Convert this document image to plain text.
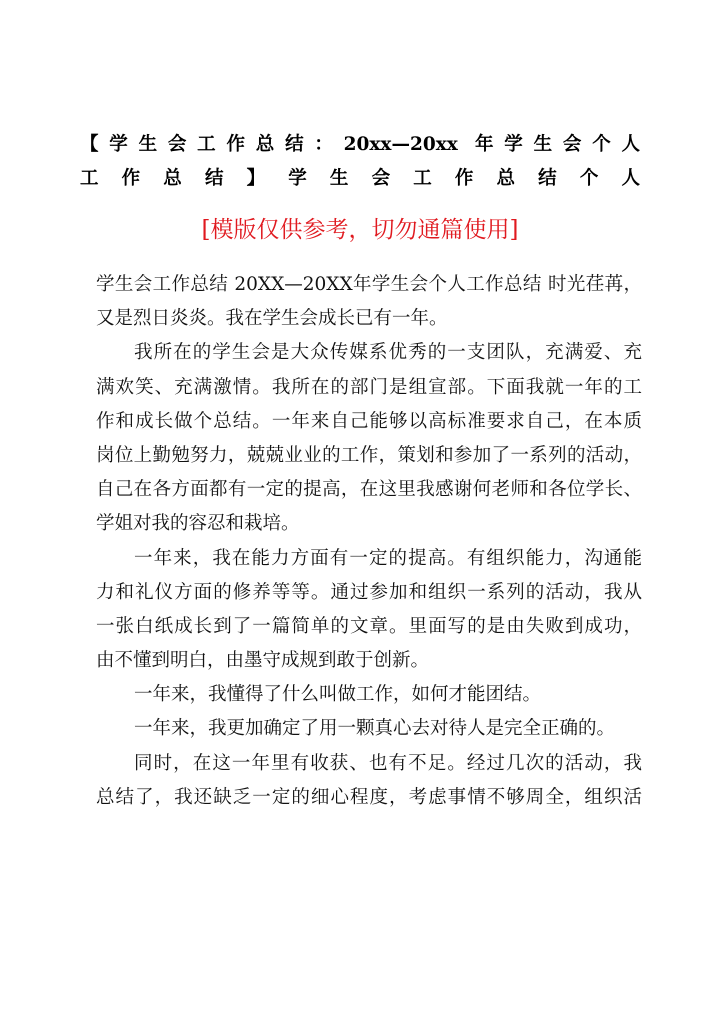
【学生会工作总结：20xx—20xx 年学生会个人
工作总结】学生会工作总结个人
[模版仅供参考，切勿通篇使用]
学生会工作总结 20XX—20XX年学生会个人工作总结 时光荏苒，
又是烈日炎炎。我在学生会成长已有一年。
我所在的学生会是大众传媒系优秀的一支团队，充满爱、充
满欢笑、充满激情。我所在的部门是组宣部。下面我就一年的工
作和成长做个总结。一年来自己能够以高标准要求自己，在本质
岗位上勤勉努力，兢兢业业的工作，策划和参加了一系列的活动，
自己在各方面都有一定的提高，在这里我感谢何老师和各位学长、
学姐对我的容忍和栽培。
一年来，我在能力方面有一定的提高。有组织能力，沟通能
力和礼仪方面的修养等等。通过参加和组织一系列的活动，我从
一张白纸成长到了一篇简单的文章。里面写的是由失败到成功，
由不懂到明白，由墨守成规到敢于创新。
一年来，我懂得了什么叫做工作，如何才能团结。
一年来，我更加确定了用一颗真心去对待人是完全正确的。
同时，在这一年里有收获、也有不足。经过几次的活动，我
总结了，我还缺乏一定的细心程度，考虑事情不够周全，组织活
